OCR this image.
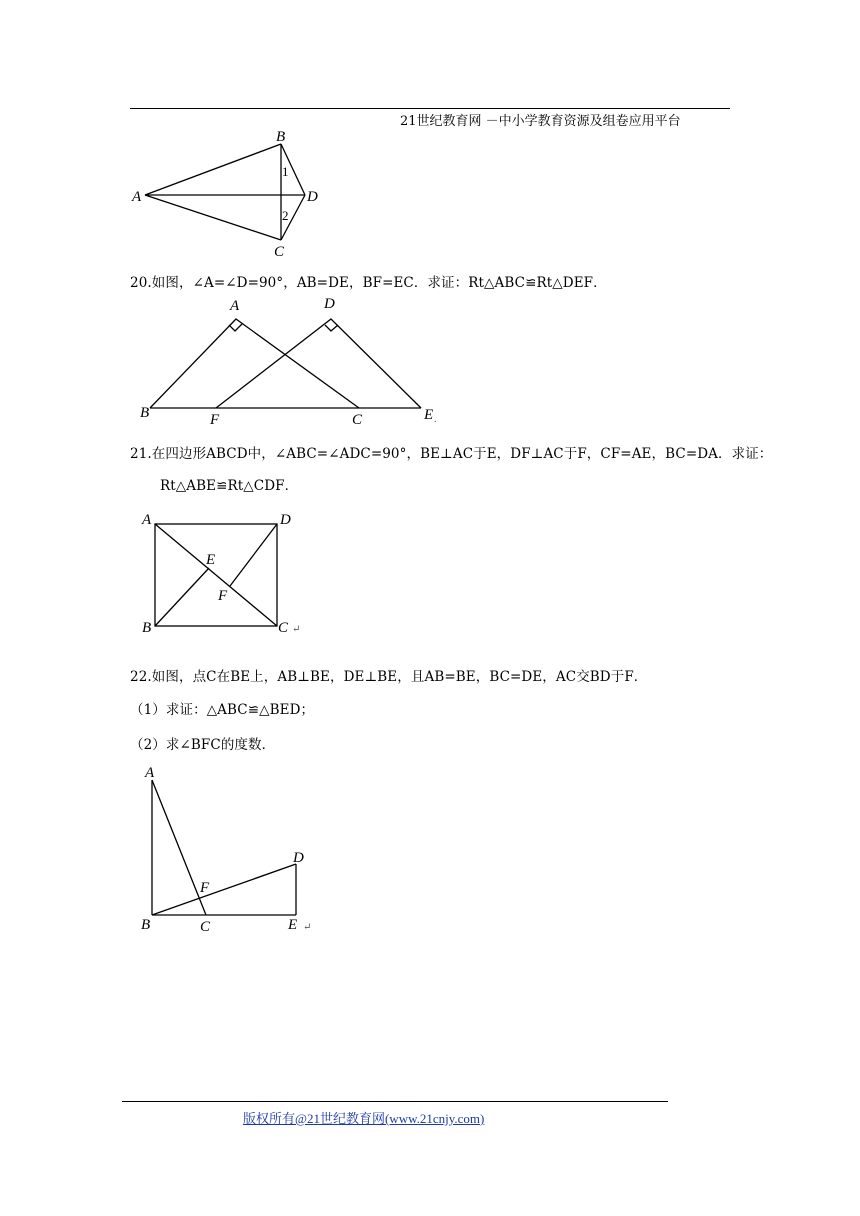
21世纪教育网 －中小学教育资源及组卷应用平台
A
B
C
D
1
2
20.如图，∠A=∠D=90°，AB=DE，BF=EC．求证：Rt△ABC≌Rt△DEF．
A	D
B	F	C	E .
21.在四边形ABCD中，∠ABC=∠ADC=90°，BE⊥AC于E，DF⊥AC于F，CF=AE，BC=DA．求证：
Rt△ABE≌Rt△CDF．
A	D
E
F
B	C ↵
22.如图，点C在BE上，AB⊥BE，DE⊥BE，且AB=BE，BC=DE，AC交BD于F．
（1）求证：△ABC≌△BED；
（2）求∠BFC的度数．
A
D
F
B	C	E ↵
版权所有@21世纪教育网(www.21cnjy.com)
